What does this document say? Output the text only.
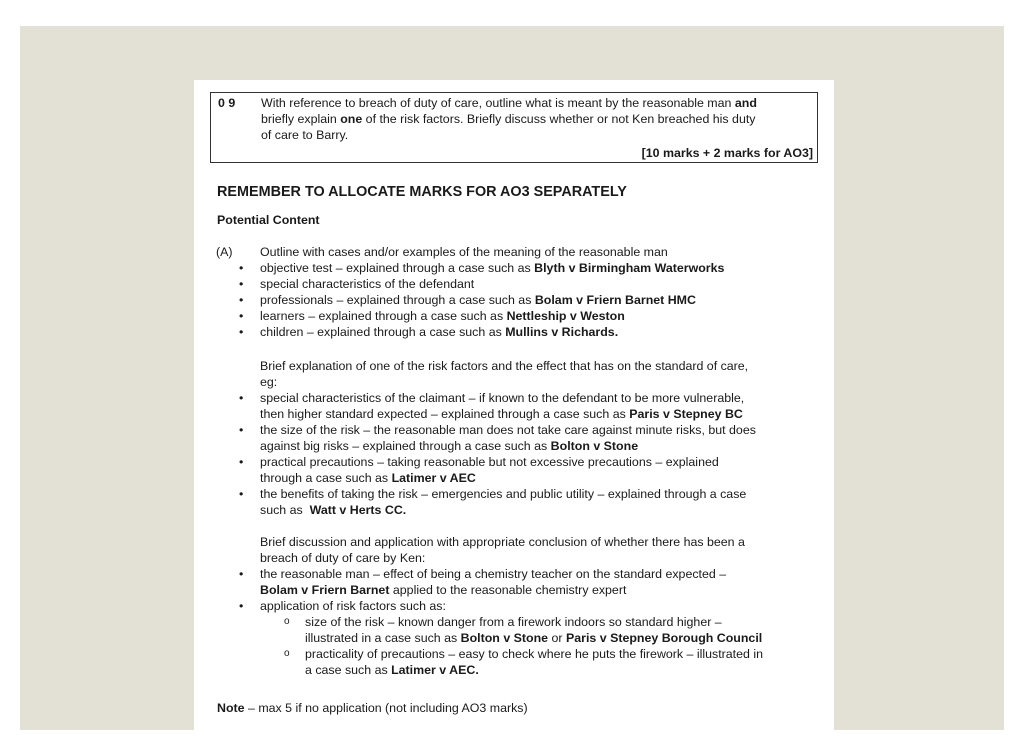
0 9 With reference to breach of duty of care, outline what is meant by the reasonable man and
briefly explain one of the risk factors. Briefly discuss whether or not Ken breached his duty
of care to Barry.
[10 marks + 2 marks for AO3]
REMEMBER TO ALLOCATE MARKS FOR AO3 SEPARATELY
Potential Content
(A) Outline with cases and/or examples of the meaning of the reasonable man
• objective test – explained through a case such as Blyth v Birmingham Waterworks
• special characteristics of the defendant
• professionals – explained through a case such as Bolam v Friern Barnet HMC
• learners – explained through a case such as Nettleship v Weston
• children – explained through a case such as Mullins v Richards.
Brief explanation of one of the risk factors and the effect that has on the standard of care,
eg:
• special characteristics of the claimant – if known to the defendant to be more vulnerable,
then higher standard expected – explained through a case such as Paris v Stepney BC
• the size of the risk – the reasonable man does not take care against minute risks, but does
against big risks – explained through a case such as Bolton v Stone
• practical precautions – taking reasonable but not excessive precautions – explained
through a case such as Latimer v AEC
• the benefits of taking the risk – emergencies and public utility – explained through a case
such as  Watt v Herts CC.
Brief discussion and application with appropriate conclusion of whether there has been a
breach of duty of care by Ken:
• the reasonable man – effect of being a chemistry teacher on the standard expected –
Bolam v Friern Barnet applied to the reasonable chemistry expert
• application of risk factors such as:
o size of the risk – known danger from a firework indoors so standard higher –
illustrated in a case such as Bolton v Stone or Paris v Stepney Borough Council
o practicality of precautions – easy to check where he puts the firework – illustrated in
a case such as Latimer v AEC.
Note – max 5 if no application (not including AO3 marks)
